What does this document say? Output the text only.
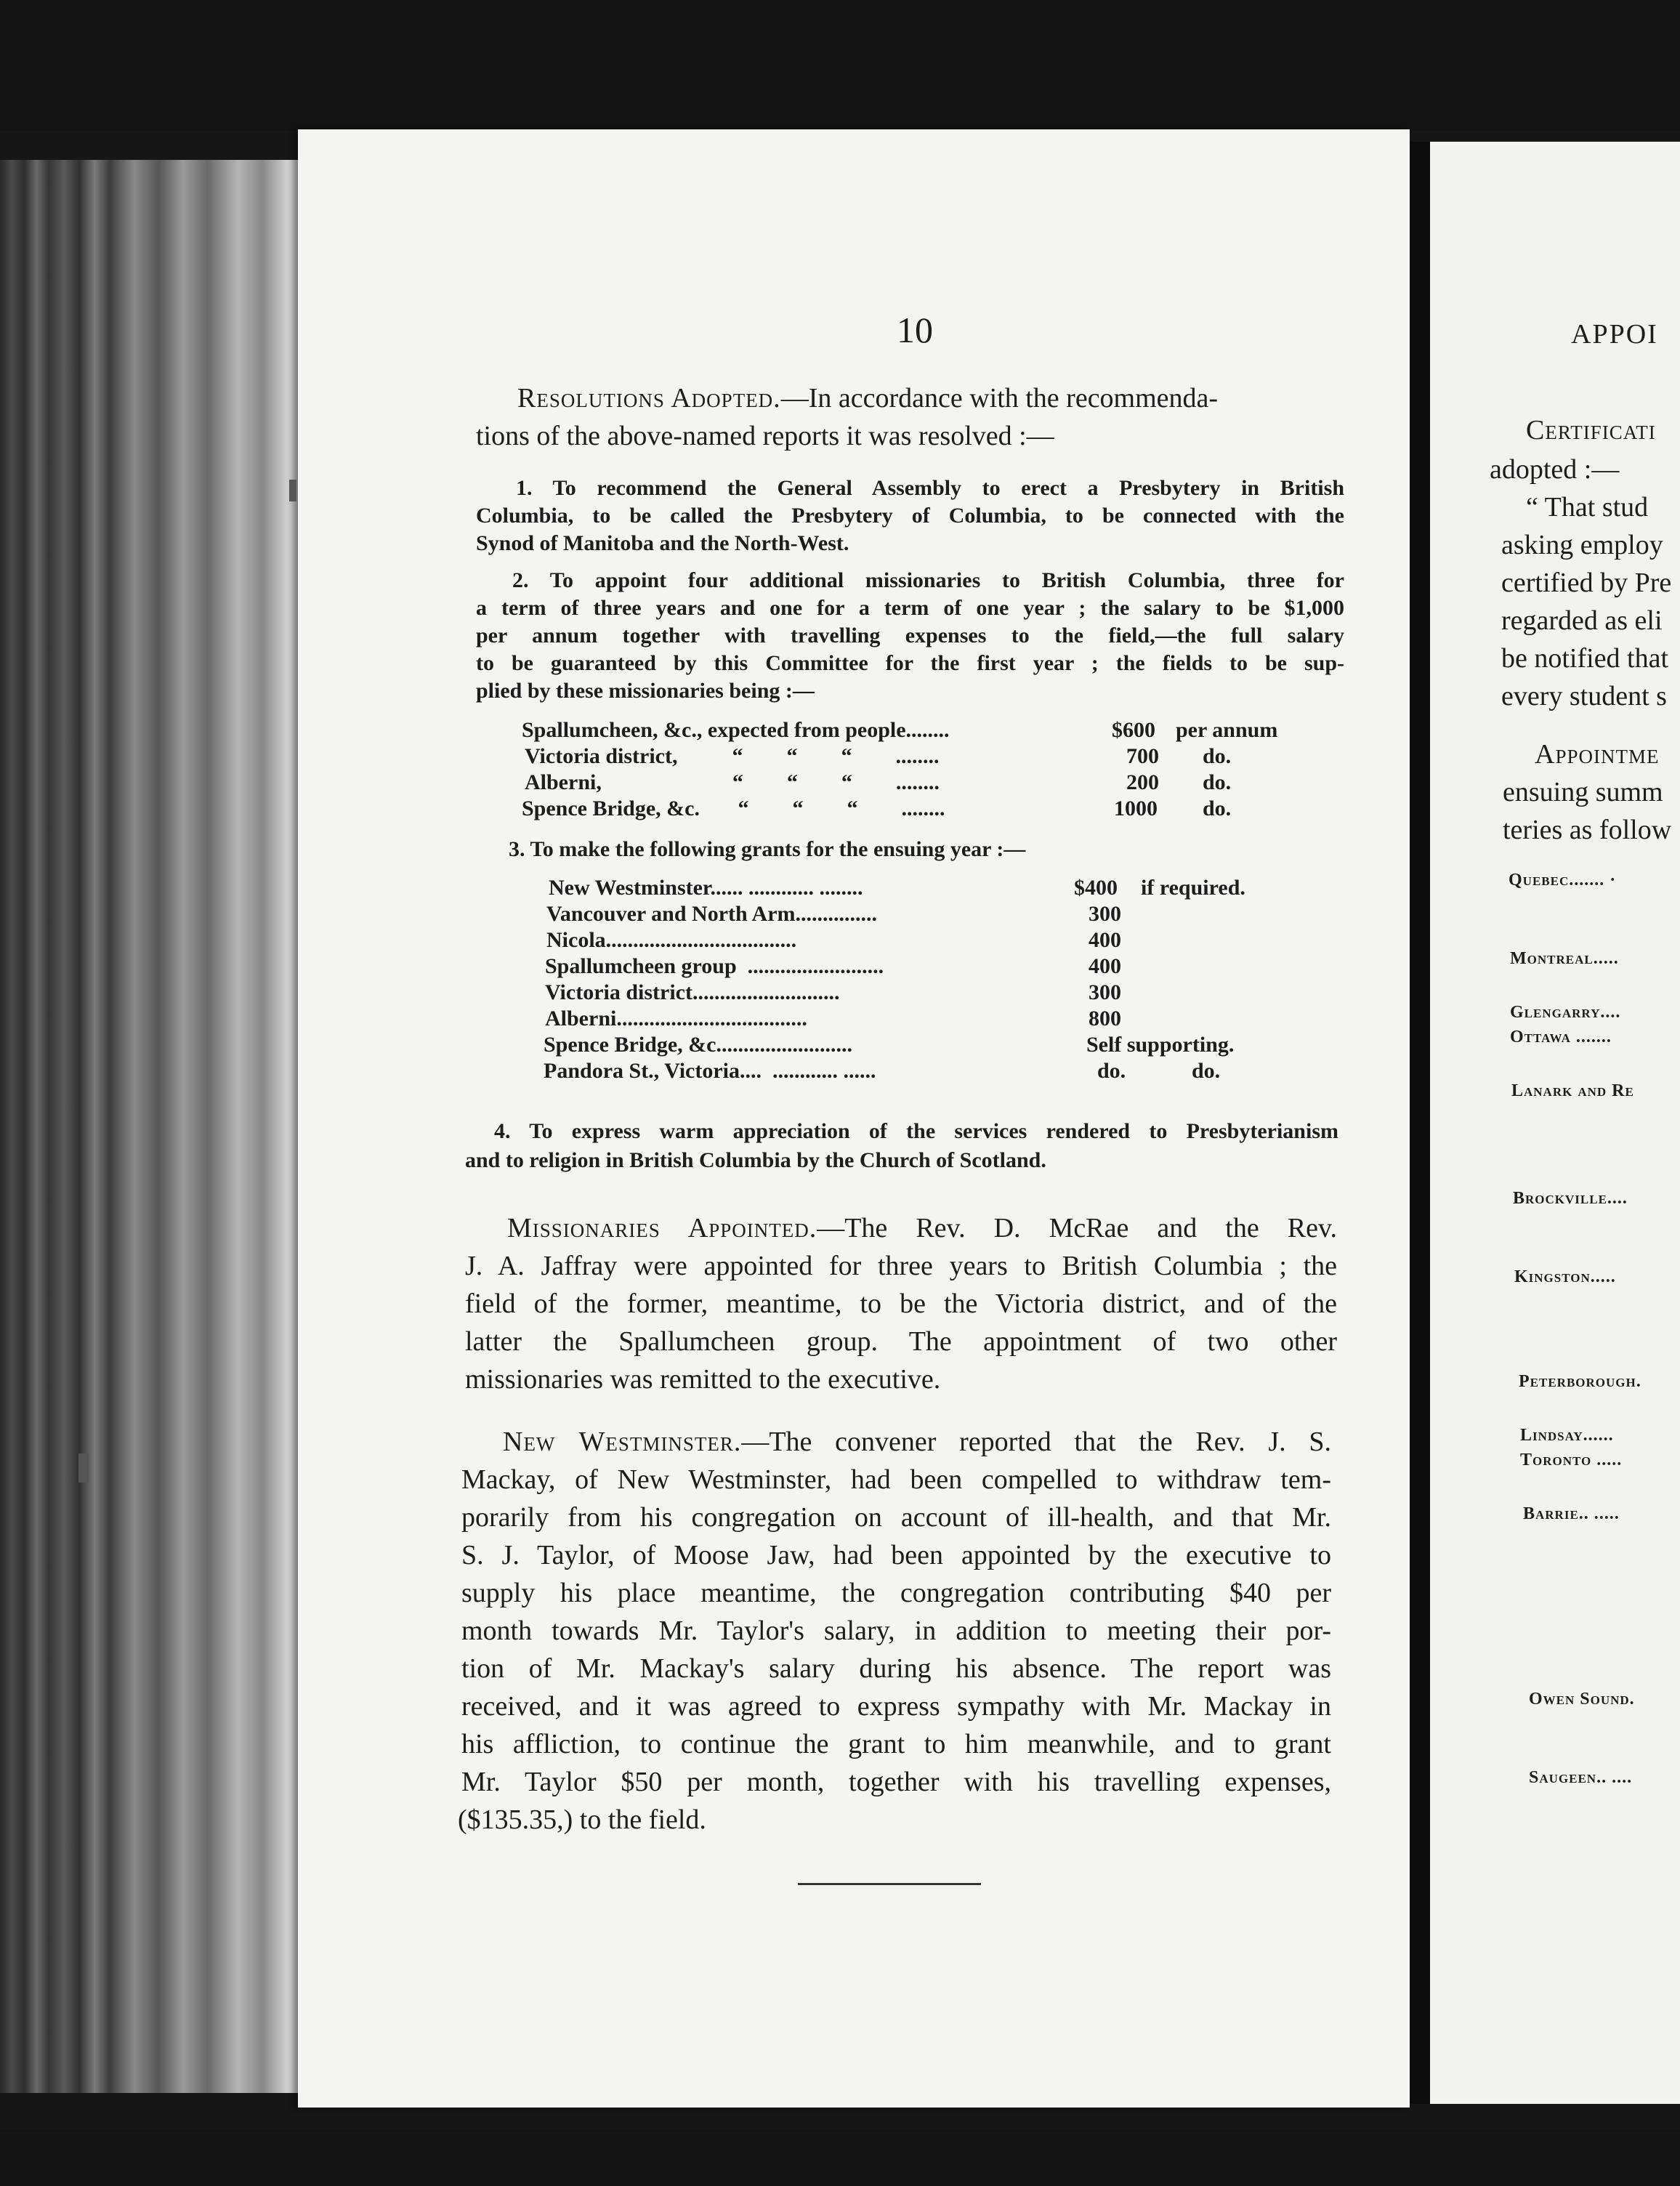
10
Resolutions Adopted.—In accordance with the recommenda-
tions of the above-named reports it was resolved :—
1. To recommend the General Assembly to erect a Presbytery in British
Columbia, to be called the Presbytery of Columbia, to be connected with the
Synod of Manitoba and the North-West.
2. To appoint four additional missionaries to British Columbia, three for
a term of three years and one for a term of one year ; the salary to be $1,000
per annum together with travelling expenses to the field,—the full salary
to be guaranteed by this Committee for the first year ; the fields to be sup-
plied by these missionaries being :—
Spallumcheen, &c., expected from people........	$600 per annum
Victoria district,          “        “        “        ........	700 do.
Alberni,                        “        “        “        ........	200 do.
Spence Bridge, &c.       “        “        “        ........	1000 do.
3. To make the following grants for the ensuing year :—
New Westminster...... ............ ........	$400 if required.
Vancouver and North Arm...............	300
Nicola...................................	400
Spallumcheen group  .........................	400
Victoria district...........................	300
Alberni...................................	800
Spence Bridge, &c.........................	Self supporting.
Pandora St., Victoria....  ............ ......	do.	do.
4. To express warm appreciation of the services rendered to Presbyterianism
and to religion in British Columbia by the Church of Scotland.
Missionaries Appointed.—The Rev. D. McRae and the Rev.
J. A. Jaffray were appointed for three years to British Columbia ; the
field of the former, meantime, to be the Victoria district, and of the
latter the Spallumcheen group. The appointment of two other
missionaries was remitted to the executive.
New Westminster.—The convener reported that the Rev. J. S.
Mackay, of New Westminster, had been compelled to withdraw tem-
porarily from his congregation on account of ill-health, and that Mr.
S. J. Taylor, of Moose Jaw, had been appointed by the executive to
supply his place meantime, the congregation contributing $40 per
month towards Mr. Taylor's salary, in addition to meeting their por-
tion of Mr. Mackay's salary during his absence. The report was
received, and it was agreed to express sympathy with Mr. Mackay in
his affliction, to continue the grant to him meanwhile, and to grant
Mr. Taylor $50 per month, together with his travelling expenses,
($135.35,) to the field.
APPOI
Certificati
adopted :—
“ That stud
asking employ
certified by Pre
regarded as eli
be notified that
every student s
Appointme
ensuing summ
teries as follow
Quebec....... ·
Montreal.....
Glengarry....
Ottawa .......
Lanark and Re
Brockville....
Kingston.....
Peterborough.
Lindsay......
Toronto .....
Barrie.. .....
Owen Sound.
Saugeen.. ....
